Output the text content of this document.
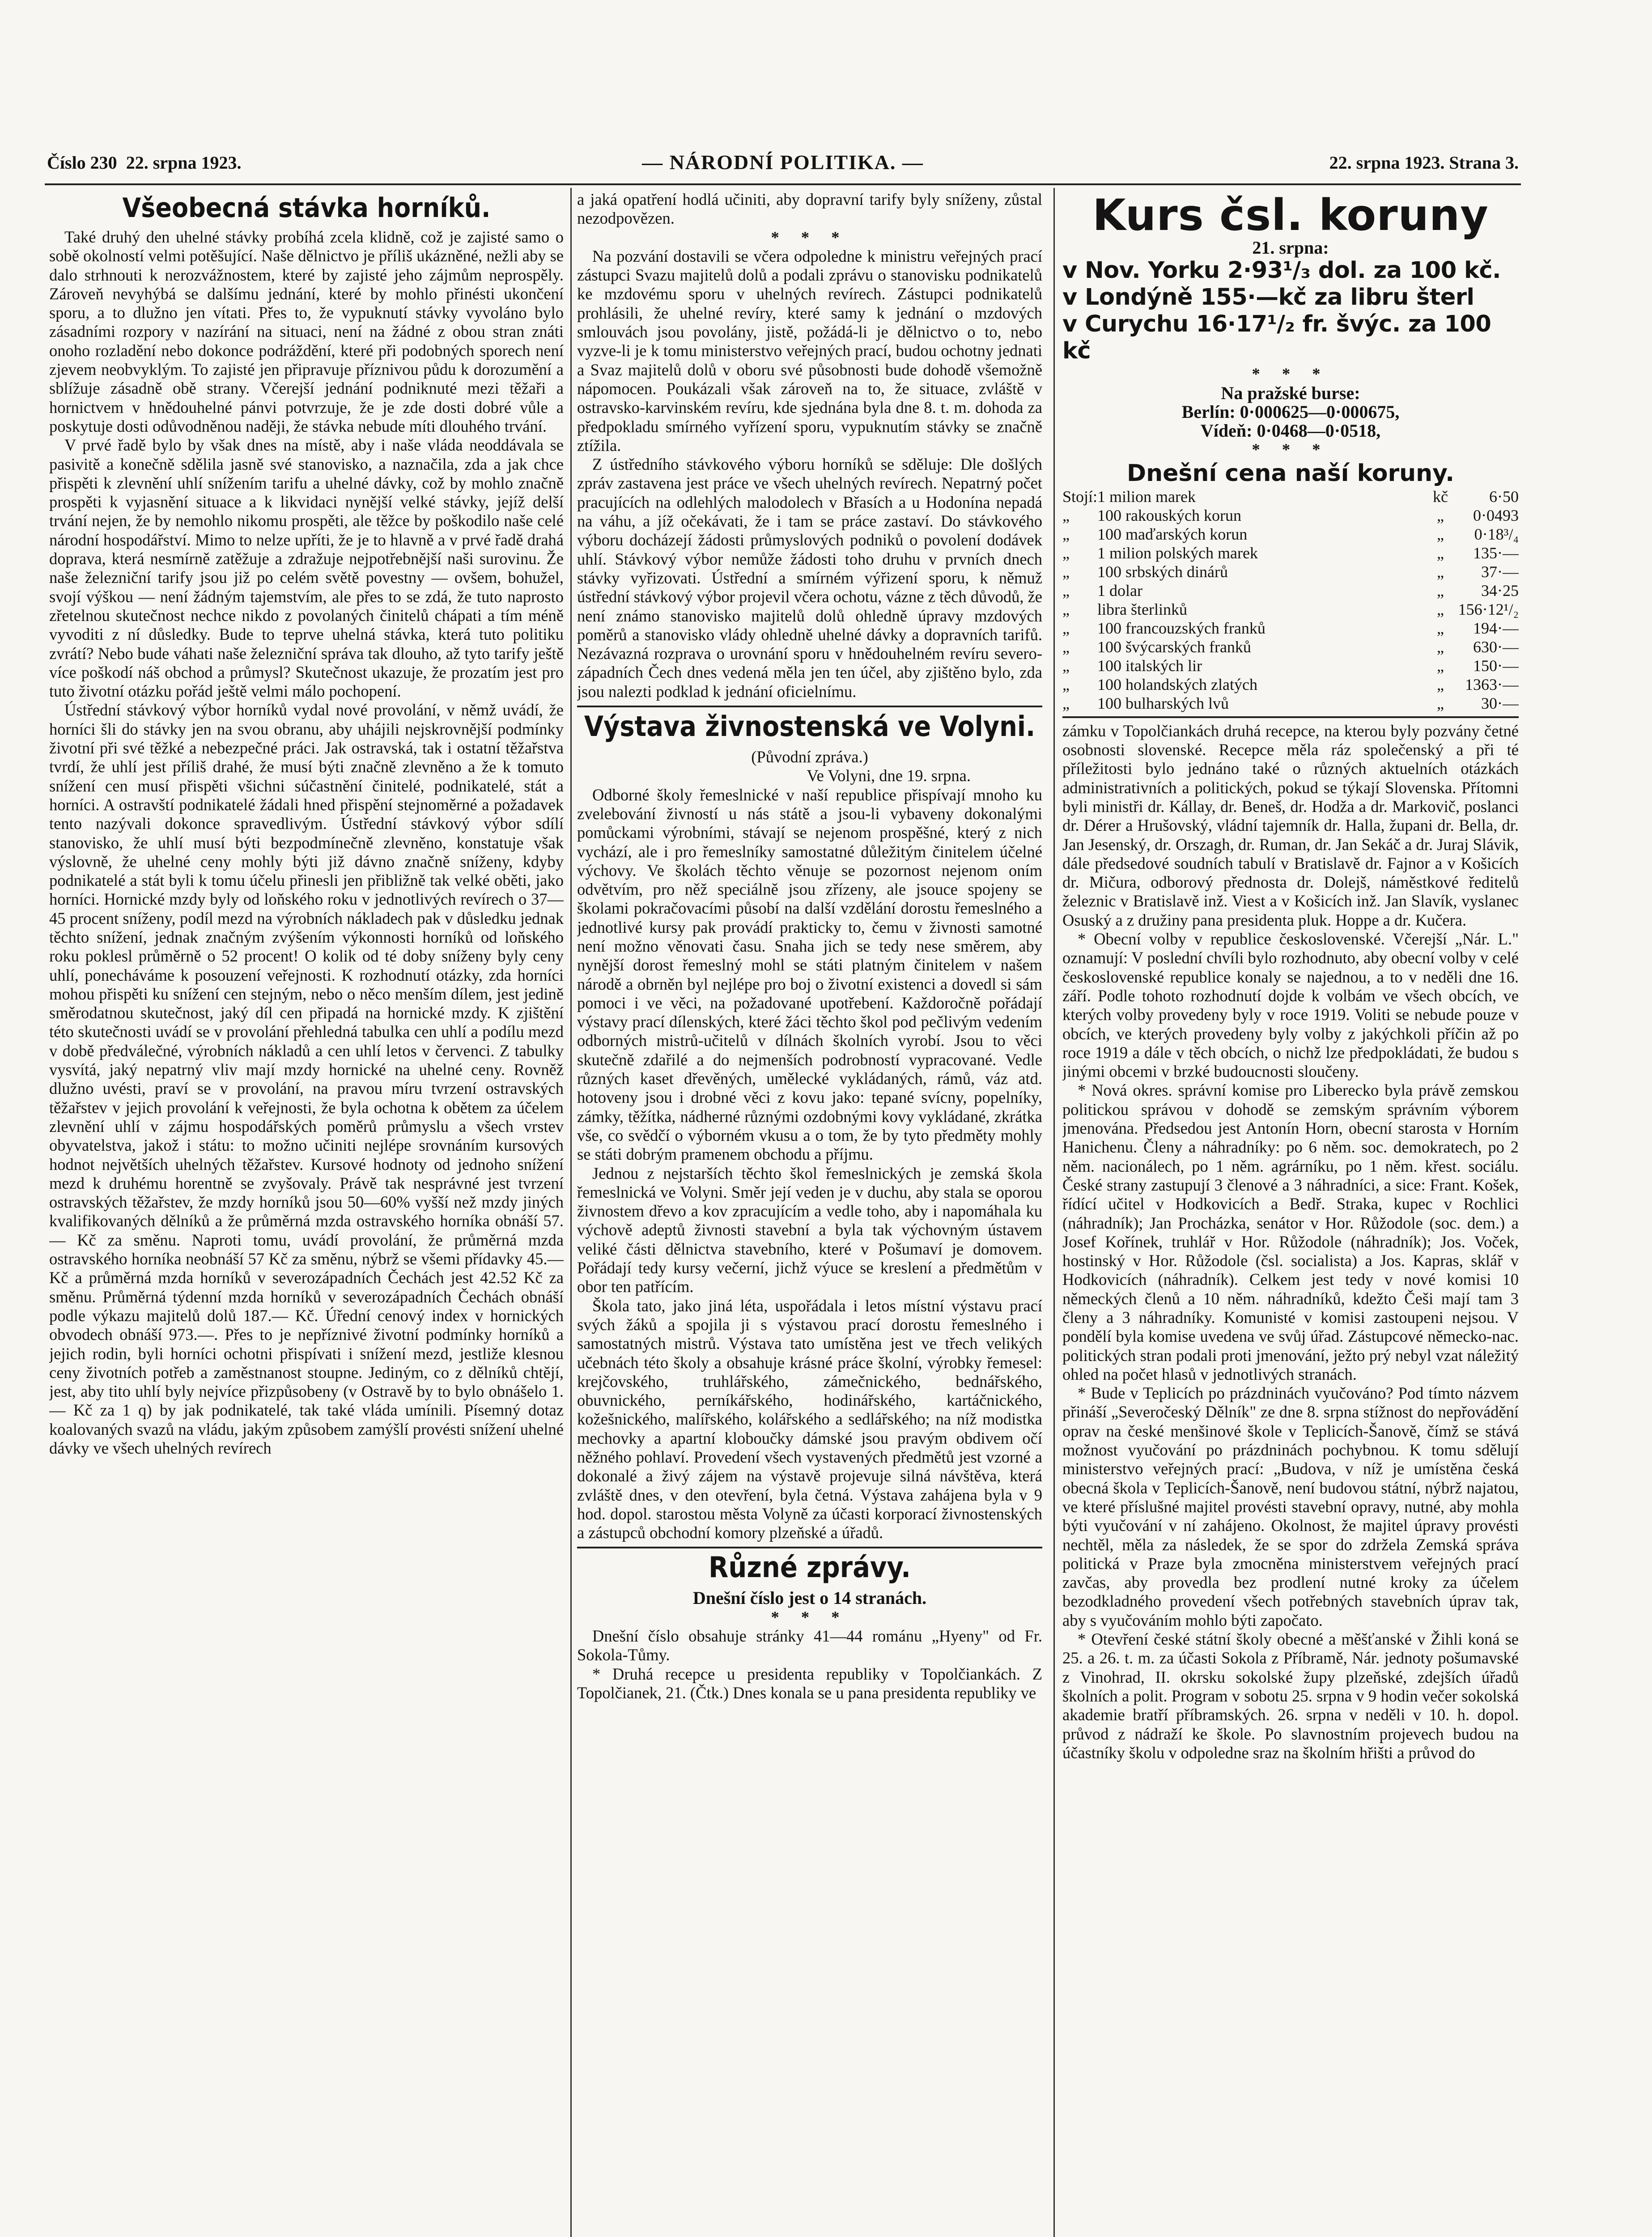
Číslo 230 22. srpna 1923.	— NÁRODNÍ POLITIKA. —	22. srpna 1923. Strana 3.
Všeobecná stávka horníků.

Také druhý den uhelné stávky probíhá zcela klidně, což je zajisté samo o sobě okolností velmi potěšující. Naše dělnictvo je příliš ukázněné, nežli aby se dalo strhnouti k nerozvážnostem, které by zajisté jeho zájmům neprospěly. Zároveň nevyhýbá se dalšímu jednání, které by mohlo přinésti ukončení sporu, a to dlužno jen vítati. Přes to, že vypuknutí stávky vyvoláno bylo zásadními rozpory v nazírání na situaci, není na žádné z obou stran znáti onoho rozladění nebo dokonce podráždění, které při podobných sporech není zjevem neobvyklým. To zajisté jen připravuje příznivou půdu k dorozumění a sblížuje zásadně obě strany. Včerejší jednání podniknuté mezi těžaři a hornictvem v hnědouhelné pánvi potvrzuje, že je zde dosti dobré vůle a poskytuje dosti odůvodněnou naději, že stávka nebude míti dlouhého trvání.

V prvé řadě bylo by však dnes na místě, aby i naše vláda neoddávala se pasivitě a konečně sdělila jasně své stanovisko, a naznačila, zda a jak chce přispěti k zlevnění uhlí snížením tarifu a uhelné dávky, což by mohlo značně prospěti k vyjasnění situace a k likvidaci nynější velké stávky, jejíž delší trvání nejen, že by nemohlo nikomu prospěti, ale těžce by poškodilo naše celé národní hospodářství. Mimo to nelze upříti, že je to hlavně a v prvé řadě drahá doprava, která nesmírně zatěžuje a zdražuje nejpotřebnější naši surovinu. Že naše železniční tarify jsou již po celém světě povestny — ovšem, bohužel, svojí výškou — není žádným tajemstvím, ale přes to se zdá, že tuto naprosto zřetelnou skutečnost nechce nikdo z povolaných činitelů chápati a tím méně vyvoditi z ní důsledky. Bude to teprve uhelná stávka, která tuto politiku zvrátí? Nebo bude váhati naše železniční správa tak dlouho, až tyto tarify ještě více poškodí náš obchod a průmysl? Skutečnost ukazuje, že prozatím jest pro tuto životní otázku pořád ještě velmi málo pochopení.

Ústřední stávkový výbor horníků vydal nové provolání, v němž uvádí, že horníci šli do stávky jen na svou obranu, aby uhájili nejskrovnější podmínky životní při své těžké a nebezpečné práci. Jak ostravská, tak i ostatní těžařstva tvrdí, že uhlí jest příliš drahé, že musí býti značně zlevněno a že k tomuto snížení cen musí přispěti všichni súčastnění činitelé, podnikatelé, stát a horníci. A ostravští podnikatelé žádali hned přispění stejnoměrné a požadavek tento nazývali dokonce spravedlivým. Ústřední stávkový výbor sdílí stanovisko, že uhlí musí býti bezpodmínečně zlevněno, konstatuje však výslovně, že uhelné ceny mohly býti již dávno značně sníženy, kdyby podnikatelé a stát byli k tomu účelu přinesli jen přibližně tak velké oběti, jako horníci. Hornické mzdy byly od loňského roku v jednotlivých revírech o 37—45 procent sníženy, podíl mezd na výrobních nákladech pak v důsledku jednak těchto snížení, jednak značným zvýšením výkonnosti horníků od loňského roku poklesl průměrně o 52 procent! O kolik od té doby sníženy byly ceny uhlí, ponecháváme k posouzení veřejnosti. K rozhodnutí otázky, zda horníci mohou přispěti ku snížení cen stejným, nebo o něco menším dílem, jest jedině směrodatnou skutečnost, jaký díl cen připadá na hornické mzdy. K zjištění této skutečnosti uvádí se v provolání přehledná tabulka cen uhlí a podílu mezd v době předválečné, výrobních nákladů a cen uhlí letos v červenci. Z tabulky vysvítá, jaký nepatrný vliv mají mzdy hornické na uhelné ceny. Rovněž dlužno uvésti, praví se v provolání, na pravou míru tvrzení ostravských těžařstev v jejich provolání k veřejnosti, že byla ochotna k obětem za účelem zlevnění uhlí v zájmu hospodářských poměrů průmyslu a všech vrstev obyvatelstva, jakož i státu: to možno učiniti nejlépe srovnáním kursových hodnot největších uhelných těžařstev. Kursové hodnoty od jednoho snížení mezd k druhému horentně se zvyšovaly. Právě tak nesprávné jest tvrzení ostravských těžařstev, že mzdy horníků jsou 50—60% vyšší než mzdy jiných kvalifikovaných dělníků a že průměrná mzda ostravského horníka obnáší 57.— Kč za směnu. Naproti tomu, uvádí provolání, že průměrná mzda ostravského horníka neobnáší 57 Kč za směnu, nýbrž se všemi přídavky 45.— Kč a průměrná mzda horníků v severozápadních Čechách jest 42.52 Kč za směnu. Průměrná týdenní mzda horníků v severozápadních Čechách obnáší podle výkazu majitelů dolů 187.— Kč. Úřední cenový index v hornických obvodech obnáší 973.—. Přes to je nepříznivé životní podmínky horníků a jejich rodin, byli horníci ochotni přispívati i snížení mezd, jestliže klesnou ceny životních potřeb a zaměstnanost stoupne. Jediným, co z dělníků chtějí, jest, aby tito uhlí byly nejvíce přizpůsobeny (v Ostravě by to bylo obnášelo 1.— Kč za 1 q) by jak podnikatelé, tak také vláda umínili. Písemný dotaz koalovaných svazů na vládu, jakým způsobem zamýšlí provésti snížení uhelné dávky ve všech uhelných revírech

a jaká opatření hodlá učiniti, aby dopravní tarify byly sníženy, zůstal nezodpovězen.

* * *

Na pozvání dostavili se včera odpoledne k ministru veřejných prací zástupci Svazu majitelů dolů a podali zprávu o stanovisku podnikatelů ke mzdovému sporu v uhelných revírech. Zástupci podnikatelů prohlásili, že uhelné revíry, které samy k jednání o mzdových smlouvách jsou povolány, jistě, požádá-li je dělnictvo o to, nebo vyzve-li je k tomu ministerstvo veřejných prací, budou ochotny jednati a Svaz majitelů dolů v oboru své působnosti bude dohodě všemožně nápomocen. Poukázali však zároveň na to, že situace, zvláště v ostravsko-karvinském revíru, kde sjednána byla dne 8. t. m. dohoda za předpokladu smírného vyřízení sporu, vypuknutím stávky se značně ztížila.

Z ústředního stávkového výboru horníků se sděluje: Dle došlých zpráv zastavena jest práce ve všech uhelných revírech. Nepatrný počet pracujících na odlehlých malodolech v Břasích a u Hodonína nepadá na váhu, a jíž očekávati, že i tam se práce zastaví. Do stávkového výboru docházejí žádosti průmyslových podniků o povolení dodávek uhlí. Stávkový výbor nemůže žádosti toho druhu v prvních dnech stávky vyřizovati. Ústřední a smírném výřizení sporu, k němuž ústřední stávkový výbor projevil včera ochotu, vázne z těch důvodů, že není známo stanovisko majitelů dolů ohledně úpravy mzdových poměrů a stanovisko vlády ohledně uhelné dávky a dopravních tarifů. Nezávazná rozprava o urovnání sporu v hnědouhelném revíru severo-západních Čech dnes vedená měla jen ten účel, aby zjištěno bylo, zda jsou nalezti podklad k jednání oficielnímu.

Výstava živnostenská ve Volyni.

(Původní zpráva.)

Ve Volyni, dne 19. srpna.

Odborné školy řemeslnické v naší republice přispívají mnoho ku zvelebování živností u nás státě a jsou-li vybaveny dokonalými pomůckami výrobními, stávají se nejenom prospěšné, který z nich vychází, ale i pro řemeslníky samostatné důležitým činitelem účelné výchovy. Ve školách těchto věnuje se pozornost nejenom oním odvětvím, pro něž speciálně jsou zřízeny, ale jsouce spojeny se školami pokračovacími působí na další vzdělání dorostu řemeslného a jednotlivé kursy pak provádí prakticky to, čemu v živnosti samotné není možno věnovati času. Snaha jich se tedy nese směrem, aby nynější dorost řemeslný mohl se státi platným činitelem v našem národě a obrněn byl nejlépe pro boj o životní existenci a dovedl si sám pomoci i ve věci, na požadované upotřebení. Každoročně pořádají výstavy prací dílenských, které žáci těchto škol pod pečlivým vedením odborných mistrů-učitelů v dílnách školních vyrobí. Jsou to věci skutečně zdařilé a do nejmenších podrobností vypracované. Vedle různých kaset dřevěných, umělecké vykládaných, rámů, váz atd. hotoveny jsou i drobné věci z kovu jako: tepané svícny, popelníky, zámky, těžítka, nádherné různými ozdobnými kovy vykládané, zkrátka vše, co svědčí o výborném vkusu a o tom, že by tyto předměty mohly se státi dobrým pramenem obchodu a příjmu.

Jednou z nejstarších těchto škol řemeslnických je zemská škola řemeslnická ve Volyni. Směr její veden je v duchu, aby stala se oporou živnostem dřevo a kov zpracujícím a vedle toho, aby i napomáhala ku výchově adeptů živnosti stavební a byla tak výchovným ústavem veliké části dělnictva stavebního, které v Pošumaví je domovem. Pořádají tedy kursy večerní, jichž výuce se kreslení a předmětům v obor ten patřícím.

Škola tato, jako jiná léta, uspořádala i letos místní výstavu prací svých žáků a spojila ji s výstavou prací dorostu řemeslného i samostatných mistrů. Výstava tato umístěna jest ve třech velikých učebnách této školy a obsahuje krásné práce školní, výrobky řemesel: krejčovského, truhlářského, zámečnického, bednářského, obuvnického, perníkářského, hodinářského, kartáčnického, kožešnického, malířského, kolářského a sedlářského; na níž modistka mechovky a apartní kloboučky dámské jsou pravým obdivem očí něžného pohlaví. Provedení všech vystavených předmětů jest vzorné a dokonalé a živý zájem na výstavě projevuje silná návštěva, která zvláště dnes, v den otevření, byla četná. Výstava zahájena byla v 9 hod. dopol. starostou města Volyně za účasti korporací živnostenských a zástupců obchodní komory plzeňské a úřadů.

Různé zprávy.

Dnešní číslo jest o 14 stranách.

* * *

Dnešní číslo obsahuje stránky 41—44 románu „Hyeny" od Fr. Sokola-Tůmy.

* Druhá recepce u presidenta republiky v Topolčiankách. Z Topolčianek, 21. (Čtk.) Dnes konala se u pana presidenta republiky ve

Kurs čsl. koruny

21. srpna:

v Nov. Yorku 2·93¹/₃ dol. za 100 kč.

v Londýně 155·—kč za libru šterl

v Curychu 16·17¹/₂ fr. švýc. za 100 kč

* * *

Na pražské burse:

Berlín: 0·000625—0·000675,

Vídeň: 0·0468—0·0518,

* * *

Dnešní cena naší koruny.
Stojí:	1 milion marek	kč	6·50
„	100 rakouských korun	„	0·0493
„	100 maďarských korun	„	0·18³/₄
„	1 milion polských marek	„	135·—
„	100 srbských dinárů	„	37·—
„	1 dolar	„	34·25
„	libra šterlinků	„	156·12¹/₂
„	100 francouzských franků	„	194·—
„	100 švýcarských franků	„	630·—
„	100 italských lir	„	150·—
„	100 holandských zlatých	„	1363·—
„	100 bulharských lvů	„	30·—

zámku v Topolčiankách druhá recepce, na kterou byly pozvány četné osobnosti slovenské. Recepce měla ráz společenský a při té příležitosti bylo jednáno také o různých aktuelních otázkách administrativních a politických, pokud se týkají Slovenska. Přítomni byli ministři dr. Kállay, dr. Beneš, dr. Hodža a dr. Markovič, poslanci dr. Dérer a Hrušovský, vládní tajemník dr. Halla, župani dr. Bella, dr. Jan Jesenský, dr. Orszagh, dr. Ruman, dr. Jan Sekáč a dr. Juraj Slávik, dále předsedové soudních tabulí v Bratislavě dr. Fajnor a v Košicích dr. Mičura, odborový přednosta dr. Dolejš, náměstkové ředitelů železnic v Bratislavě inž. Viest a v Košicích inž. Jan Slavík, vyslanec Osuský a z družiny pana presidenta pluk. Hoppe a dr. Kučera.

* Obecní volby v republice československé. Včerejší „Nár. L." oznamují: V poslední chvíli bylo rozhodnuto, aby obecní volby v celé československé republice konaly se najednou, a to v neděli dne 16. září. Podle tohoto rozhodnutí dojde k volbám ve všech obcích, ve kterých volby provedeny byly v roce 1919. Voliti se nebude pouze v obcích, ve kterých provedeny byly volby z jakýchkoli příčin až po roce 1919 a dále v těch obcích, o nichž lze předpokládati, že budou s jinými obcemi v brzké budoucnosti sloučeny.

* Nová okres. správní komise pro Liberecko byla právě zemskou politickou správou v dohodě se zemským správním výborem jmenována. Předsedou jest Antonín Horn, obecní starosta v Horním Hanichenu. Členy a náhradníky: po 6 něm. soc. demokratech, po 2 něm. nacionálech, po 1 něm. agrárníku, po 1 něm. křest. sociálu. České strany zastupují 3 členové a 3 náhradníci, a sice: Frant. Košek, řídící učitel v Hodkovicích a Bedř. Straka, kupec v Rochlici (náhradník); Jan Procházka, senátor v Hor. Růžodole (soc. dem.) a Josef Kořínek, truhlář v Hor. Růžodole (náhradník); Jos. Voček, hostinský v Hor. Růžodole (čsl. socialista) a Jos. Kapras, sklář v Hodkovicích (náhradník). Celkem jest tedy v nové komisi 10 německých členů a 10 něm. náhradníků, kdežto Češi mají tam 3 členy a 3 náhradníky. Komunisté v komisi zastoupeni nejsou. V pondělí byla komise uvedena ve svůj úřad. Zástupcové německo-nac. politických stran podali proti jmenování, ježto prý nebyl vzat náležitý ohled na počet hlasů v jednotlivých stranách.

* Bude v Teplicích po prázdninách vyučováno? Pod tímto názvem přináší „Severočeský Dělník" ze dne 8. srpna stížnost do nepřovádění oprav na české menšinové škole v Teplicích-Šanově, čímž se stává možnost vyučování po prázdninách pochybnou. K tomu sdělují ministerstvo veřejných prací: „Budova, v níž je umístěna česká obecná škola v Teplicích-Šanově, není budovou státní, nýbrž najatou, ve které příslušné majitel provésti stavební opravy, nutné, aby mohla býti vyučování v ní zahájeno. Okolnost, že majitel úpravy provésti nechtěl, měla za následek, že se spor do zdržela Zemská správa politická v Praze byla zmocněna ministerstvem veřejných prací zavčas, aby provedla bez prodlení nutné kroky za účelem bezodkladného provedení všech potřebných stavebních úprav tak, aby s vyučováním mohlo býti započato.

* Otevření české státní školy obecné a měšťanské v Žihli koná se 25. a 26. t. m. za účasti Sokola z Příbramě, Nár. jednoty pošumavské z Vinohrad, II. okrsku sokolské župy plzeňské, zdejších úřadů školních a polit. Program v sobotu 25. srpna v 9 hodin večer sokolská akademie bratří příbramských. 26. srpna v neděli v 10. h. dopol. průvod z nádraží ke škole. Po slavnostním projevech budou na účastníky školu v odpoledne sraz na školním hřišti a průvod do
